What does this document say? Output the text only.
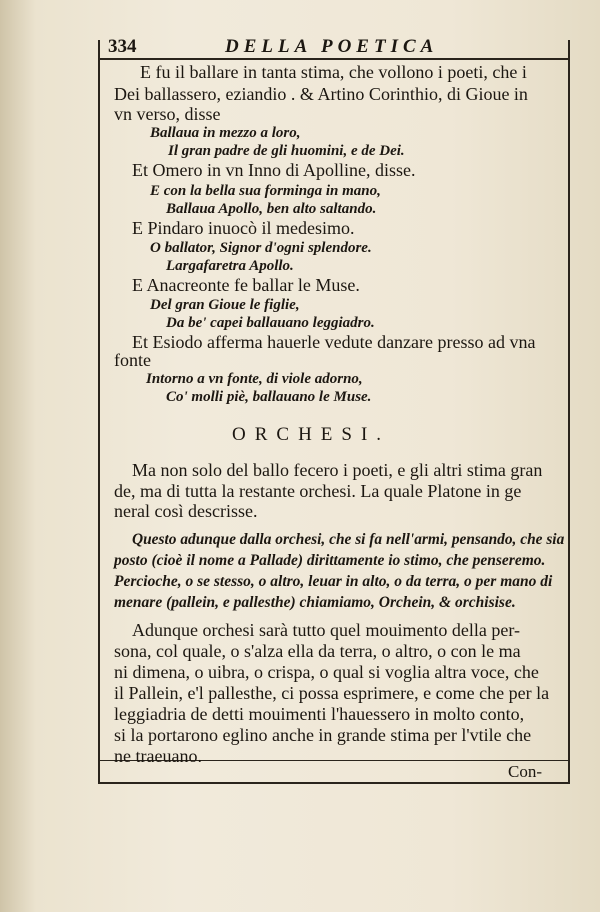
334	DELLA POETICA
E fu il ballare in tanta stima, che vollono i poeti, che i
Dei ballassero, eziandio . & Artino Corinthio, di Gioue in
vn verso, disse
Ballaua in mezzo a loro,
Il gran padre de gli huomini, e de Dei.
Et Omero in vn Inno di Apolline, disse.
E con la bella sua forminga in mano,
Ballaua Apollo, ben alto saltando.
E Pindaro inuocò il medesimo.
O ballator, Signor d'ogni splendore.
Largafaretra Apollo.
E Anacreonte fe ballar le Muse.
Del gran Gioue le figlie,
Da be' capei ballauano leggiadro.
Et Esiodo afferma hauerle vedute danzare presso ad vna
fonte
Intorno a vn fonte, di viole adorno,
Co' molli piè, ballauano le Muse.
ORCHESI.
Ma non solo del ballo fecero i poeti, e gli altri stima gran
de, ma di tutta la restante orchesi. La quale Platone in ge
neral così descrisse.
Questo adunque dalla orchesi, che si fa nell'armi, pensando, che sia
posto (cioè il nome a Pallade) dirittamente io stimo, che penseremo.
Percioche, o se stesso, o altro, leuar in alto, o da terra, o per mano di
menare (pallein, e pallesthe) chiamiamo, Orchein, & orchisise.
Adunque orchesi sarà tutto quel mouimento della per-
sona, col quale, o s'alza ella da terra, o altro, o con le ma
ni dimena, o uibra, o crispa, o qual si voglia altra voce, che
il Pallein, e'l pallesthe, ci possa esprimere, e come che per la
leggiadria de detti mouimenti l'hauessero in molto conto,
si la portarono eglino anche in grande stima per l'vtile che
ne traeuano.
Con-
